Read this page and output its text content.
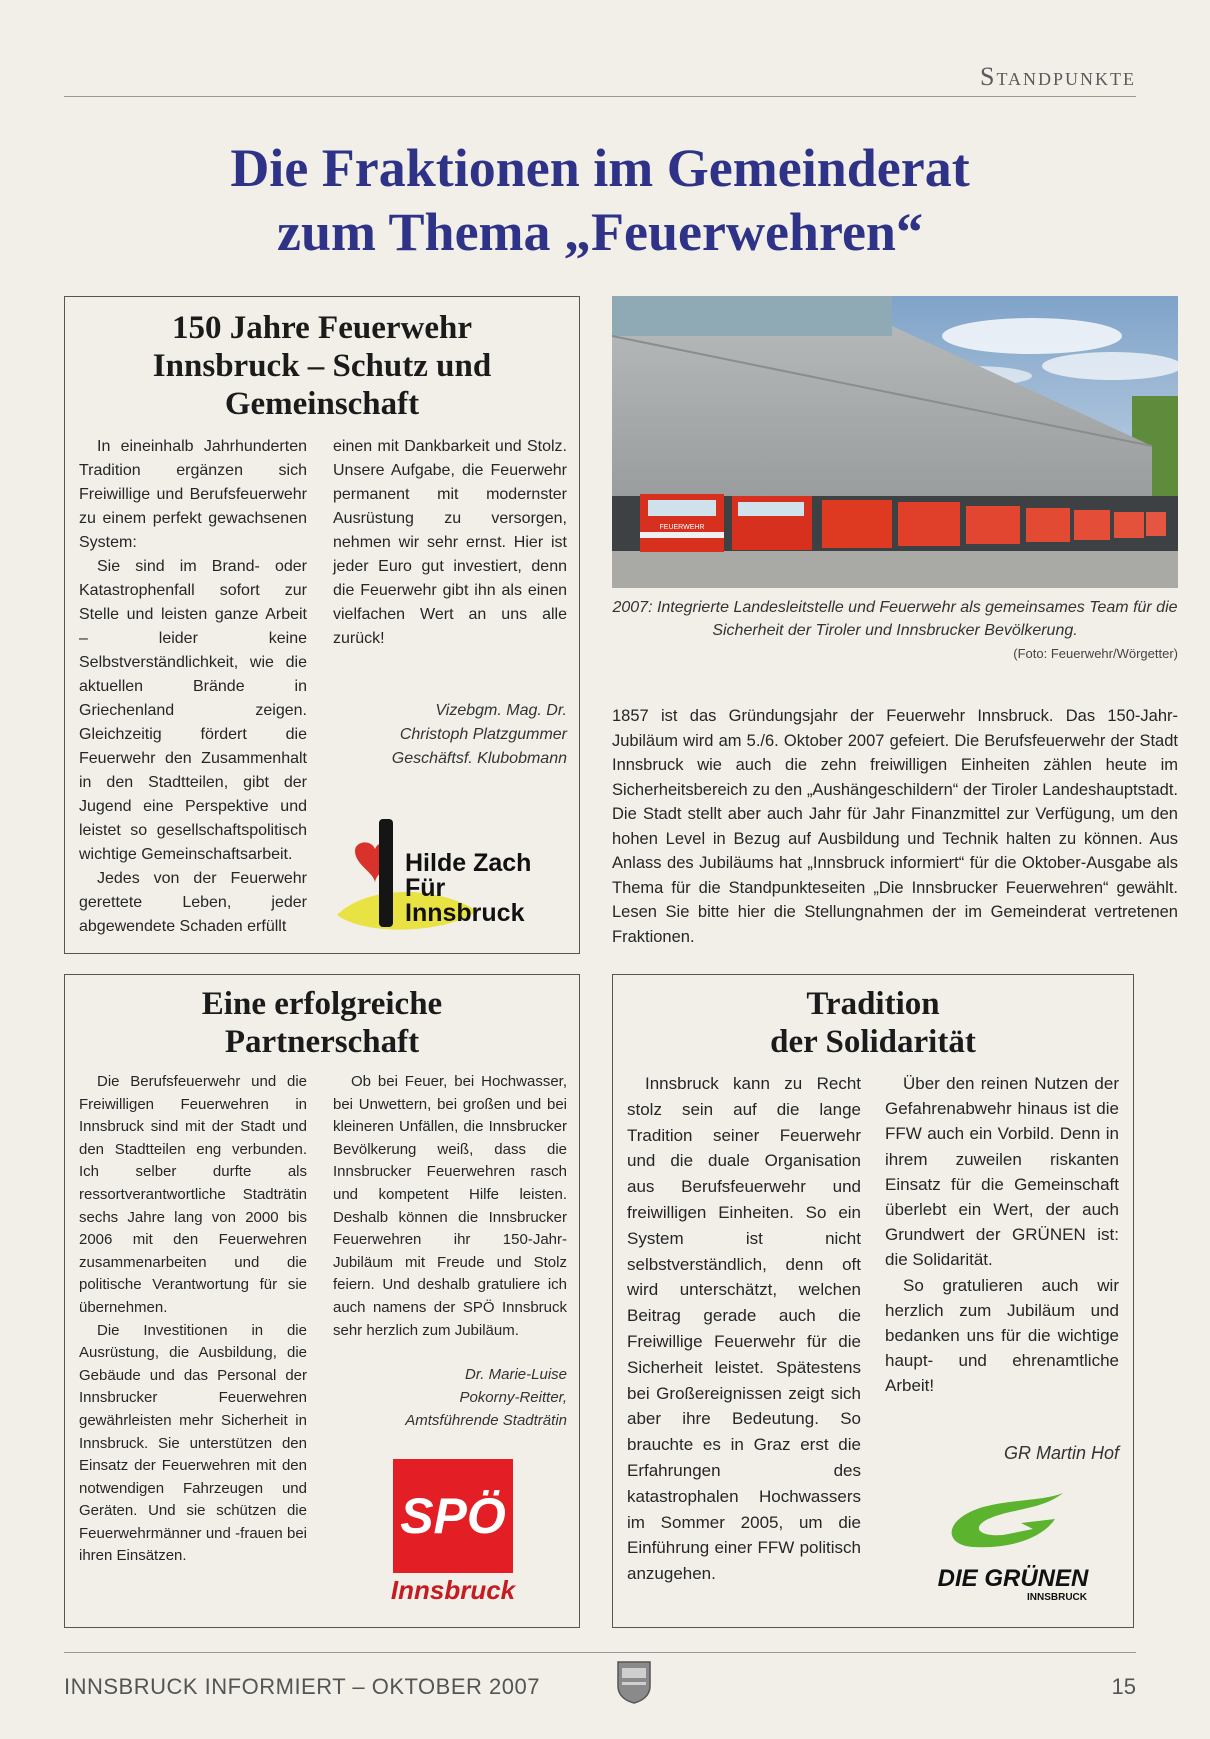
Standpunkte
Die Fraktionen im Gemeinderat
zum Thema „Feuerwehren“
150 Jahre Feuerwehr
Innsbruck – Schutz und
Gemeinschaft

In eineinhalb Jahrhunderten Tradition ergänzen sich Freiwillige und Berufsfeuerwehr zu einem perfekt gewachsenen System:

Sie sind im Brand- oder Katastrophenfall sofort zur Stelle und leisten ganze Arbeit – leider keine Selbstverständlichkeit, wie die aktuellen Brände in Griechenland zeigen. Gleichzeitig fördert die Feuerwehr den Zusammenhalt in den Stadtteilen, gibt der Jugend eine Perspektive und leistet so gesellschaftspolitisch wichtige Gemeinschaftsarbeit.

Jedes von der Feuerwehr gerettete Leben, jeder abgewendete Schaden erfüllt

einen mit Dankbarkeit und Stolz. Unsere Aufgabe, die Feuerwehr permanent mit modernster Ausrüstung zu versorgen, nehmen wir sehr ernst. Hier ist jeder Euro gut investiert, denn die Feuerwehr gibt ihn als einen vielfachen Wert an uns alle zurück!

Vizebgm. Mag. Dr.
Christoph Platzgummer
Geschäftsf. Klubobmann
Hilde Zach
Für Innsbruck
FEUERWEHR
2007: Integrierte Landesleitstelle und Feuerwehr als gemeinsames Team für die Sicherheit der Tiroler und Innsbrucker Bevölkerung.
(Foto: Feuerwehr/Wörgetter)
1857 ist das Gründungsjahr der Feuerwehr Innsbruck. Das 150-Jahr-Jubiläum wird am 5./6. Oktober 2007 gefeiert. Die Berufsfeuerwehr der Stadt Innsbruck wie auch die zehn freiwilligen Einheiten zählen heute im Sicherheitsbereich zu den „Aushängeschildern“ der Tiroler Landeshauptstadt. Die Stadt stellt aber auch Jahr für Jahr Finanzmittel zur Verfügung, um den hohen Level in Bezug auf Ausbildung und Technik halten zu können. Aus Anlass des Jubiläums hat „Innsbruck informiert“ für die Oktober-Ausgabe als Thema für die Standpunkteseiten „Die Innsbrucker Feuerwehren“ gewählt. Lesen Sie bitte hier die Stellungnahmen der im Gemeinderat vertretenen Fraktionen.
Eine erfolgreiche
Partnerschaft

Die Berufsfeuerwehr und die Freiwilligen Feuerwehren in Innsbruck sind mit der Stadt und den Stadtteilen eng verbunden. Ich selber durfte als ressortverantwortliche Stadträtin sechs Jahre lang von 2000 bis 2006 mit den Feuerwehren zusammenarbeiten und die politische Verantwortung für sie übernehmen.

Die Investitionen in die Ausrüstung, die Ausbildung, die Gebäude und das Personal der Innsbrucker Feuerwehren gewährleisten mehr Sicherheit in Innsbruck. Sie unterstützen den Einsatz der Feuerwehren mit den notwendigen Fahrzeugen und Geräten. Und sie schützen die Feuerwehrmänner und -frauen bei ihren Einsätzen.

Ob bei Feuer, bei Hochwasser, bei Unwettern, bei großen und bei kleineren Unfällen, die Innsbrucker Bevölkerung weiß, dass die Innsbrucker Feuerwehren rasch und kompetent Hilfe leisten. Deshalb können die Innsbrucker Feuerwehren ihr 150-Jahr-Jubiläum mit Freude und Stolz feiern. Und deshalb gratuliere ich auch namens der SPÖ Innsbruck sehr herzlich zum Jubiläum.

Dr. Marie-Luise
Pokorny-Reitter,
Amtsführende Stadträtin
SPÖ
Innsbruck
Tradition
der Solidarität

Innsbruck kann zu Recht stolz sein auf die lange Tradition seiner Feuerwehr und die duale Organisation aus Berufsfeuerwehr und freiwilligen Einheiten. So ein System ist nicht selbstverständlich, denn oft wird unterschätzt, welchen Beitrag gerade auch die Freiwillige Feuerwehr für die Sicherheit leistet. Spätestens bei Großereignissen zeigt sich aber ihre Bedeutung. So brauchte es in Graz erst die Erfahrungen des katastrophalen Hochwassers im Sommer 2005, um die Einführung einer FFW politisch anzugehen.

Über den reinen Nutzen der Gefahrenabwehr hinaus ist die FFW auch ein Vorbild. Denn in ihrem zuweilen riskanten Einsatz für die Gemeinschaft überlebt ein Wert, der auch Grundwert der GRÜNEN ist: die Solidarität.

So gratulieren auch wir herzlich zum Jubiläum und bedanken uns für die wichtige haupt- und ehrenamtliche Arbeit!

GR Martin Hof
DIE GRÜNEN
INNSBRUCK
INNSBRUCK INFORMIERT – OKTOBER 2007	15
